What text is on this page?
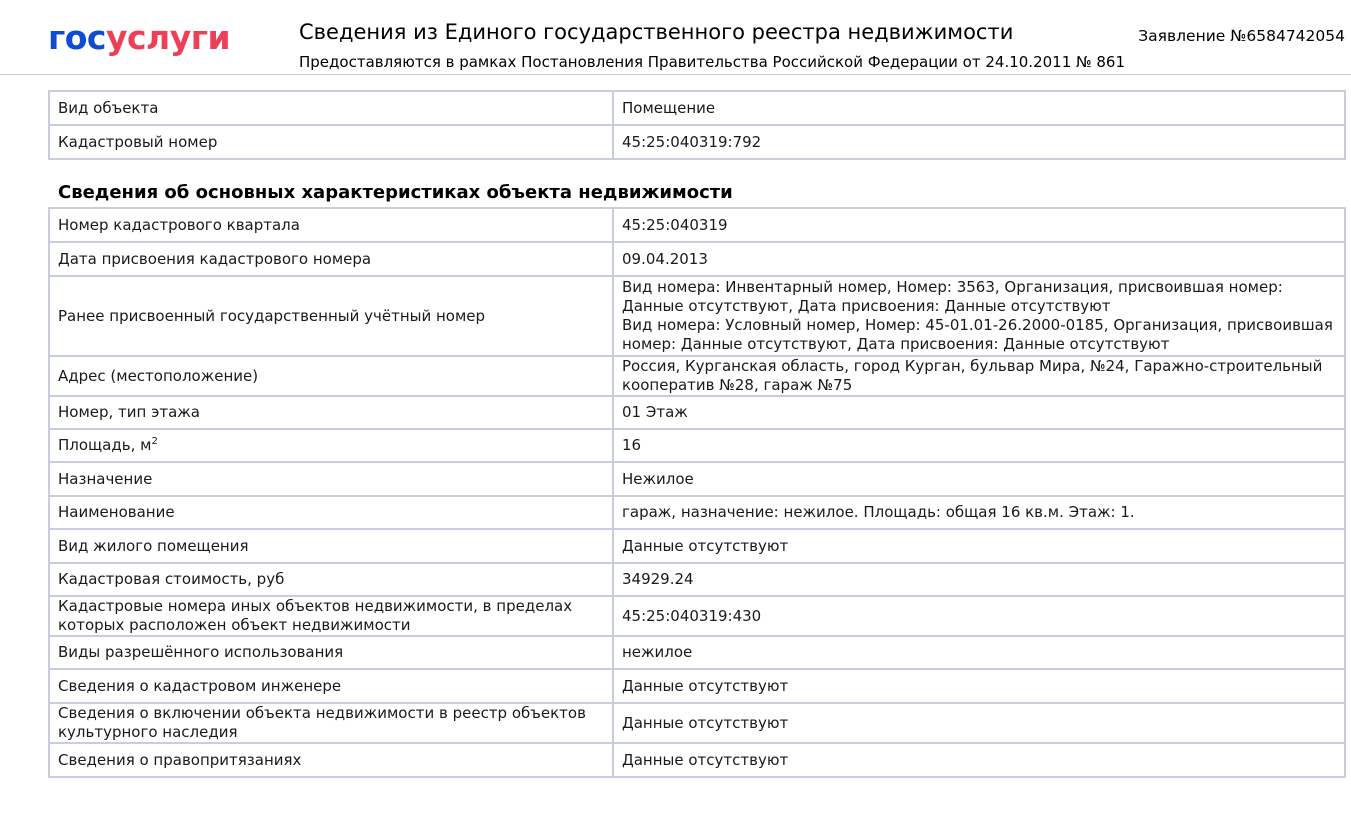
госуслуги	Сведения из Единого государственного реестра недвижимости
Предоставляются в рамках Постановления Правительства Российской Федерации от 24.10.2011 № 861
Заявление №6584742054
Вид объекта	Помещение
Кадастровый номер	45:25:040319:792
Сведения об основных характеристиках объекта недвижимости
Номер кадастрового квартала	45:25:040319
Дата присвоения кадастрового номера	09.04.2013
Ранее присвоенный государственный учётный номер	Вид номера: Инвентарный номер, Номер: 3563, Организация, присвоившая номер: Данные отсутствуют, Дата присвоения: Данные отсутствуют
Вид номера: Условный номер, Номер: 45-01.01-26.2000-0185, Организация, присвоившая номер: Данные отсутствуют, Дата присвоения: Данные отсутствуют

Адрес (местоположение)	Россия, Курганская область, город Курган, бульвар Мира, №24, Гаражно-строительный кооператив №28, гараж №75
Номер, тип этажа	01 Этаж
Площадь, $м^2$	16
Назначение	Нежилое
Наименование	гараж, назначение: нежилое. Площадь: общая 16 кв.м. Этаж: 1.
Вид жилого помещения	Данные отсутствуют
Кадастровая стоимость, руб	34929.24
Кадастровые номера иных объектов недвижимости, в пределах которых расположен объект недвижимости	45:25:040319:430
Виды разрешённого использования	нежилое
Сведения о кадастровом инженере	Данные отсутствуют
Сведения о включении объекта недвижимости в реестр объектов культурного наследия	Данные отсутствуют
Сведения о правопритязаниях	Данные отсутствуют
